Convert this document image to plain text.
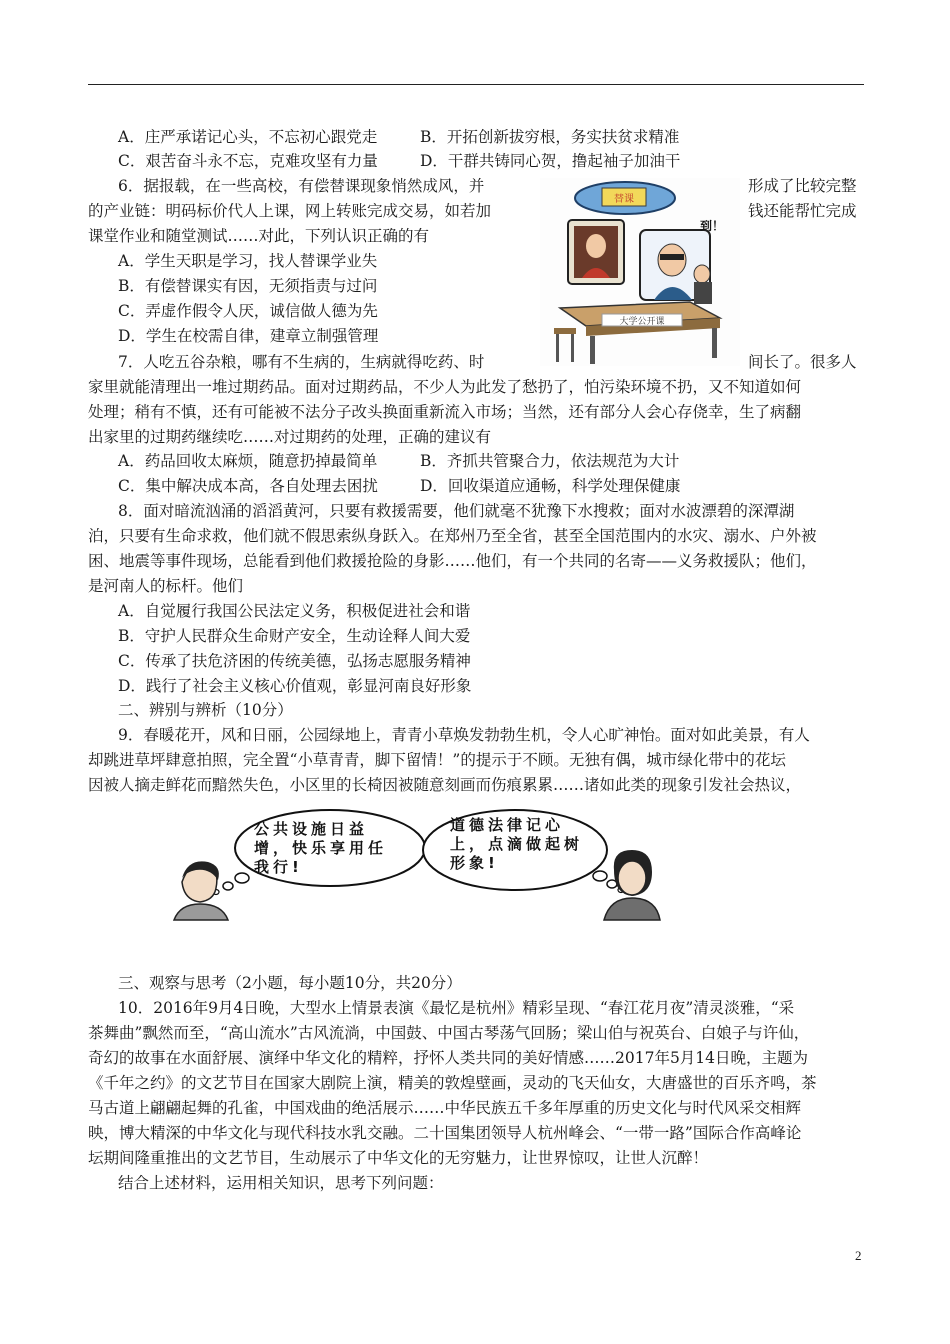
A．庄严承诺记心头，不忘初心跟党走	B．开拓创新拔穷根，务实扶贫求精准
C．艰苦奋斗永不忘，克难攻坚有力量	D．干群共铸同心贺，撸起袖子加油干
6．据报载，在一些高校，有偿替课现象悄然成风，并	形成了比较完整
的产业链：明码标价代人上课，网上转账完成交易，如若加	钱还能帮忙完成
课堂作业和随堂测试……对此，下列认识正确的有
A．学生天职是学习，找人替课学业失
B．有偿替课实有因，无须指责与过问
C．弄虚作假令人厌，诚信做人德为先
D．学生在校需自律，建章立制强管理
替课
到！
大学公开课
7．人吃五谷杂粮，哪有不生病的，生病就得吃药、时	间长了。很多人
家里就能清理出一堆过期药品。面对过期药品，不少人为此发了愁扔了，怕污染环境不扔，又不知道如何
处理；稍有不慎，还有可能被不法分子改头换面重新流入市场；当然，还有部分人会心存侥幸，生了病翻
出家里的过期药继续吃……对过期药的处理，正确的建议有
A．药品回收太麻烦，随意扔掉最简单	B．齐抓共管聚合力，依法规范为大计
C．集中解决成本高，各自处理去困扰	D．回收渠道应通畅，科学处理保健康
8．面对暗流汹涌的滔滔黄河，只要有救援需要，他们就毫不犹豫下水搜救；面对水波漂碧的深潭湖
泊，只要有生命求救，他们就不假思索纵身跃入。在郑州乃至全省，甚至全国范围内的水灾、溺水、户外被
困、地震等事件现场，总能看到他们救援抢险的身影……他们，有一个共同的名寄——义务救援队；他们，
是河南人的标杆。他们
A．自觉履行我国公民法定义务，积极促进社会和谐
B．守护人民群众生命财产安全，生动诠释人间大爱
C．传承了扶危济困的传统美德，弘扬志愿服务精神
D．践行了社会主义核心价值观，彰显河南良好形象
二、辨别与辨析（10分）
9．春暖花开，风和日丽，公园绿地上，青青小草焕发勃勃生机，令人心旷神怡。面对如此美景，有人
却跳进草坪肆意拍照，完全置“小草青青，脚下留情！”的提示于不顾。无独有偶，城市绿化带中的花坛
因被人摘走鲜花而黯然失色，小区里的长椅因被随意刻画而伤痕累累……诸如此类的现象引发社会热议，
公共设施日益增，快乐享用任我行!
道德法律记心上，点滴做起树形象!
三、观察与思考（2小题，每小题10分，共20分）
10．2016年9月4日晚，大型水上情景表演《最忆是杭州》精彩呈现、“春江花月夜”清灵淡雅，“采
茶舞曲”飘然而至，“高山流水”古风流淌，中国鼓、中国古琴荡气回肠；梁山伯与祝英台、白娘子与许仙，
奇幻的故事在水面舒展、演绎中华文化的精粹，抒怀人类共同的美好情感……2017年5月14日晚，主题为
《千年之约》的文艺节目在国家大剧院上演，精美的敦煌壁画，灵动的飞天仙女，大唐盛世的百乐齐鸣，茶
马古道上翩翩起舞的孔雀，中国戏曲的绝活展示……中华民族五千多年厚重的历史文化与时代风采交相辉
映，博大精深的中华文化与现代科技水乳交融。二十国集团领导人杭州峰会、“一带一路”国际合作高峰论
坛期间隆重推出的文艺节目，生动展示了中华文化的无穷魅力，让世界惊叹，让世人沉醉！
结合上述材料，运用相关知识，思考下列问题：
2
